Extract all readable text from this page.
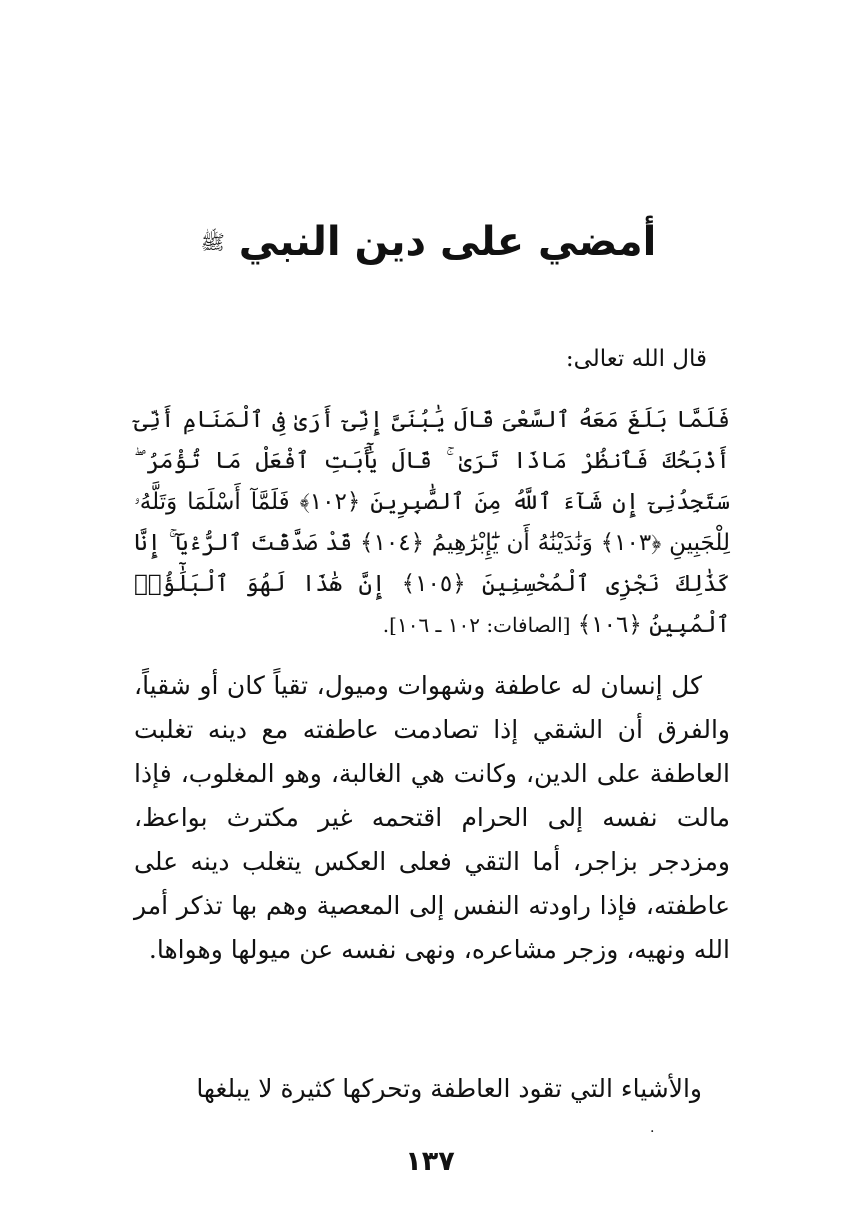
أمضي على دين النبي $^ﷺ$
قال الله تعالى:
فَلَمَّا بَلَغَ مَعَهُ ٱلسَّعْىَ قَالَ يَٰبُنَىَّ إِنِّىٓ أَرَىٰ فِى ٱلْمَنَامِ أَنِّىٓ أَذْبَحُكَ فَٱنظُرْ مَاذَا تَرَىٰ ۚ قَالَ يَٰٓأَبَتِ ٱفْعَلْ مَا تُؤْمَرُ ۖ سَتَجِدُنِىٓ إِن شَآءَ ٱللَّهُ مِنَ ٱلصَّٰبِرِينَ ﴿١٠٢﴾ فَلَمَّآ أَسْلَمَا وَتَلَّهُۥ لِلْجَبِينِ ﴿١٠٣﴾ وَنَٰدَيْنَٰهُ أَن يَٰٓإِبْرَٰهِيمُ ﴿١٠٤﴾ قَدْ صَدَّقْتَ ٱلرُّءْيَآ ۚ إِنَّا كَذَٰلِكَ نَجْزِى ٱلْمُحْسِنِينَ ﴿١٠٥﴾ إِنَّ هَٰذَا لَهُوَ ٱلْبَلَٰٓؤُا۟ ٱلْمُبِينُ ﴿١٠٦﴾ [الصافات: ١٠٢ ـ ١٠٦].
كل إنسان له عاطفة وشهوات وميول، تقياً كان أو شقياً، والفرق أن الشقي إذا تصادمت عاطفته مع دينه تغلبت العاطفة على الدين، وكانت هي الغالبة، وهو المغلوب، فإذا مالت نفسه إلى الحرام اقتحمه غير مكترث بواعظ، ومزدجر بزاجر، أما التقي فعلى العكس يتغلب دينه على عاطفته، فإذا راودته النفس إلى المعصية وهم بها تذكر أمر الله ونهيه، وزجر مشاعره، ونهى نفسه عن ميولها وهواها.
والأشياء التي تقود العاطفة وتحركها كثيرة لا يبلغها
.
١٣٧
